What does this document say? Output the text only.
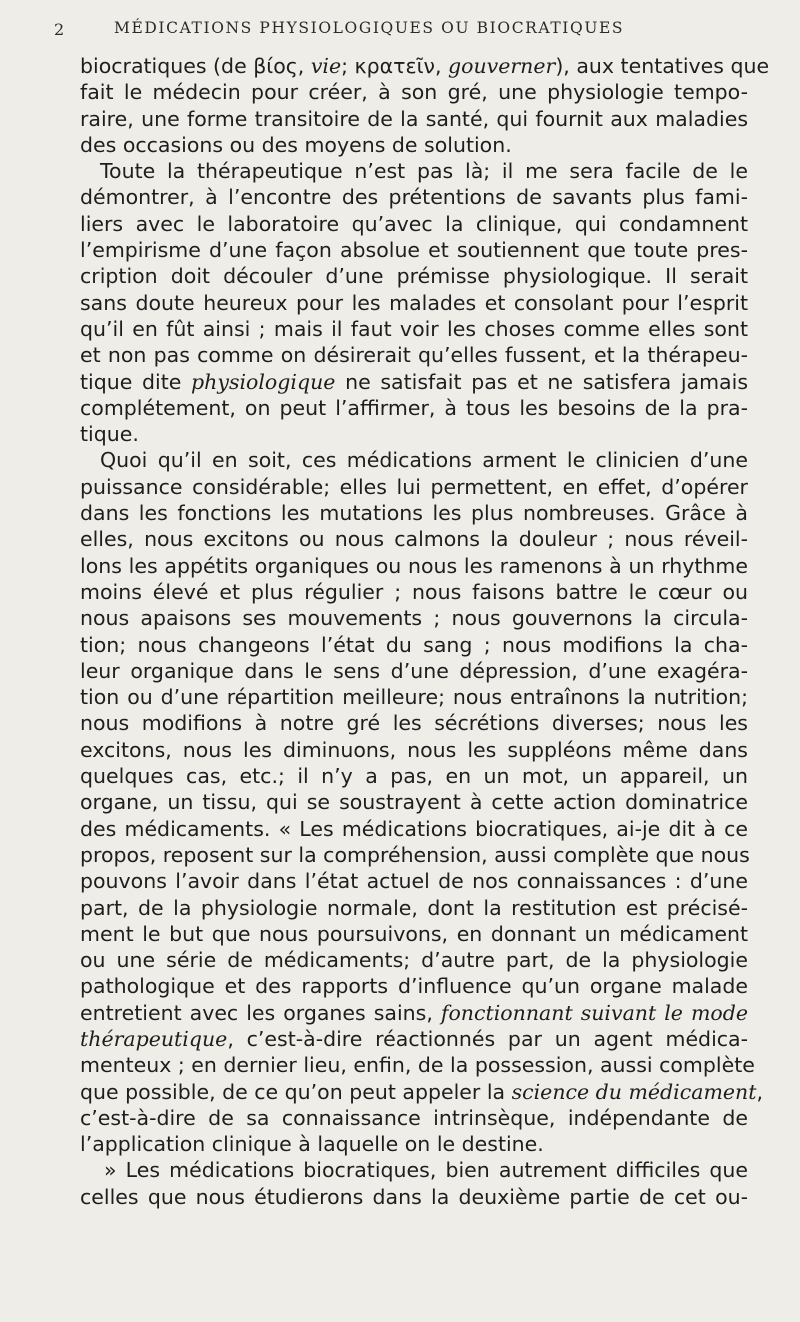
2	MÉDICATIONS PHYSIOLOGIQUES OU BIOCRATIQUES
biocratiques (de βίος, vie; κρατεῖν, gouverner), aux tentatives que
fait le médecin pour créer, à son gré, une physiologie tempo-
raire, une forme transitoire de la santé, qui fournit aux maladies
des occasions ou des moyens de solution.
Toute la thérapeutique n’est pas là; il me sera facile de le
démontrer, à l’encontre des prétentions de savants plus fami-
liers avec le laboratoire qu’avec la clinique, qui condamnent
l’empirisme d’une façon absolue et soutiennent que toute pres-
cription doit découler d’une prémisse physiologique. Il serait
sans doute heureux pour les malades et consolant pour l’esprit
qu’il en fût ainsi ; mais il faut voir les choses comme elles sont
et non pas comme on désirerait qu’elles fussent, et la thérapeu-
tique dite physiologique ne satisfait pas et ne satisfera jamais
complétement, on peut l’affirmer, à tous les besoins de la pra-
tique.
Quoi qu’il en soit, ces médications arment le clinicien d’une
puissance considérable; elles lui permettent, en effet, d’opérer
dans les fonctions les mutations les plus nombreuses. Grâce à
elles, nous excitons ou nous calmons la douleur ; nous réveil-
lons les appétits organiques ou nous les ramenons à un rhythme
moins élevé et plus régulier ; nous faisons battre le cœur ou
nous apaisons ses mouvements ; nous gouvernons la circula-
tion; nous changeons l’état du sang ; nous modifions la cha-
leur organique dans le sens d’une dépression, d’une exagéra-
tion ou d’une répartition meilleure; nous entraînons la nutrition;
nous modifions à notre gré les sécrétions diverses; nous les
excitons, nous les diminuons, nous les suppléons même dans
quelques cas, etc.; il n’y a pas, en un mot, un appareil, un
organe, un tissu, qui se soustrayent à cette action dominatrice
des médicaments. « Les médications biocratiques, ai-je dit à ce
propos, reposent sur la compréhension, aussi complète que nous
pouvons l’avoir dans l’état actuel de nos connaissances : d’une
part, de la physiologie normale, dont la restitution est précisé-
ment le but que nous poursuivons, en donnant un médicament
ou une série de médicaments; d’autre part, de la physiologie
pathologique et des rapports d’influence qu’un organe malade
entretient avec les organes sains, fonctionnant suivant le mode
thérapeutique, c’est-à-dire réactionnés par un agent médica-
menteux ; en dernier lieu, enfin, de la possession, aussi complète
que possible, de ce qu’on peut appeler la science du médicament,
c’est-à-dire de sa connaissance intrinsèque, indépendante de
l’application clinique à laquelle on le destine.
» Les médications biocratiques, bien autrement difficiles que
celles que nous étudierons dans la deuxième partie de cet ou-
